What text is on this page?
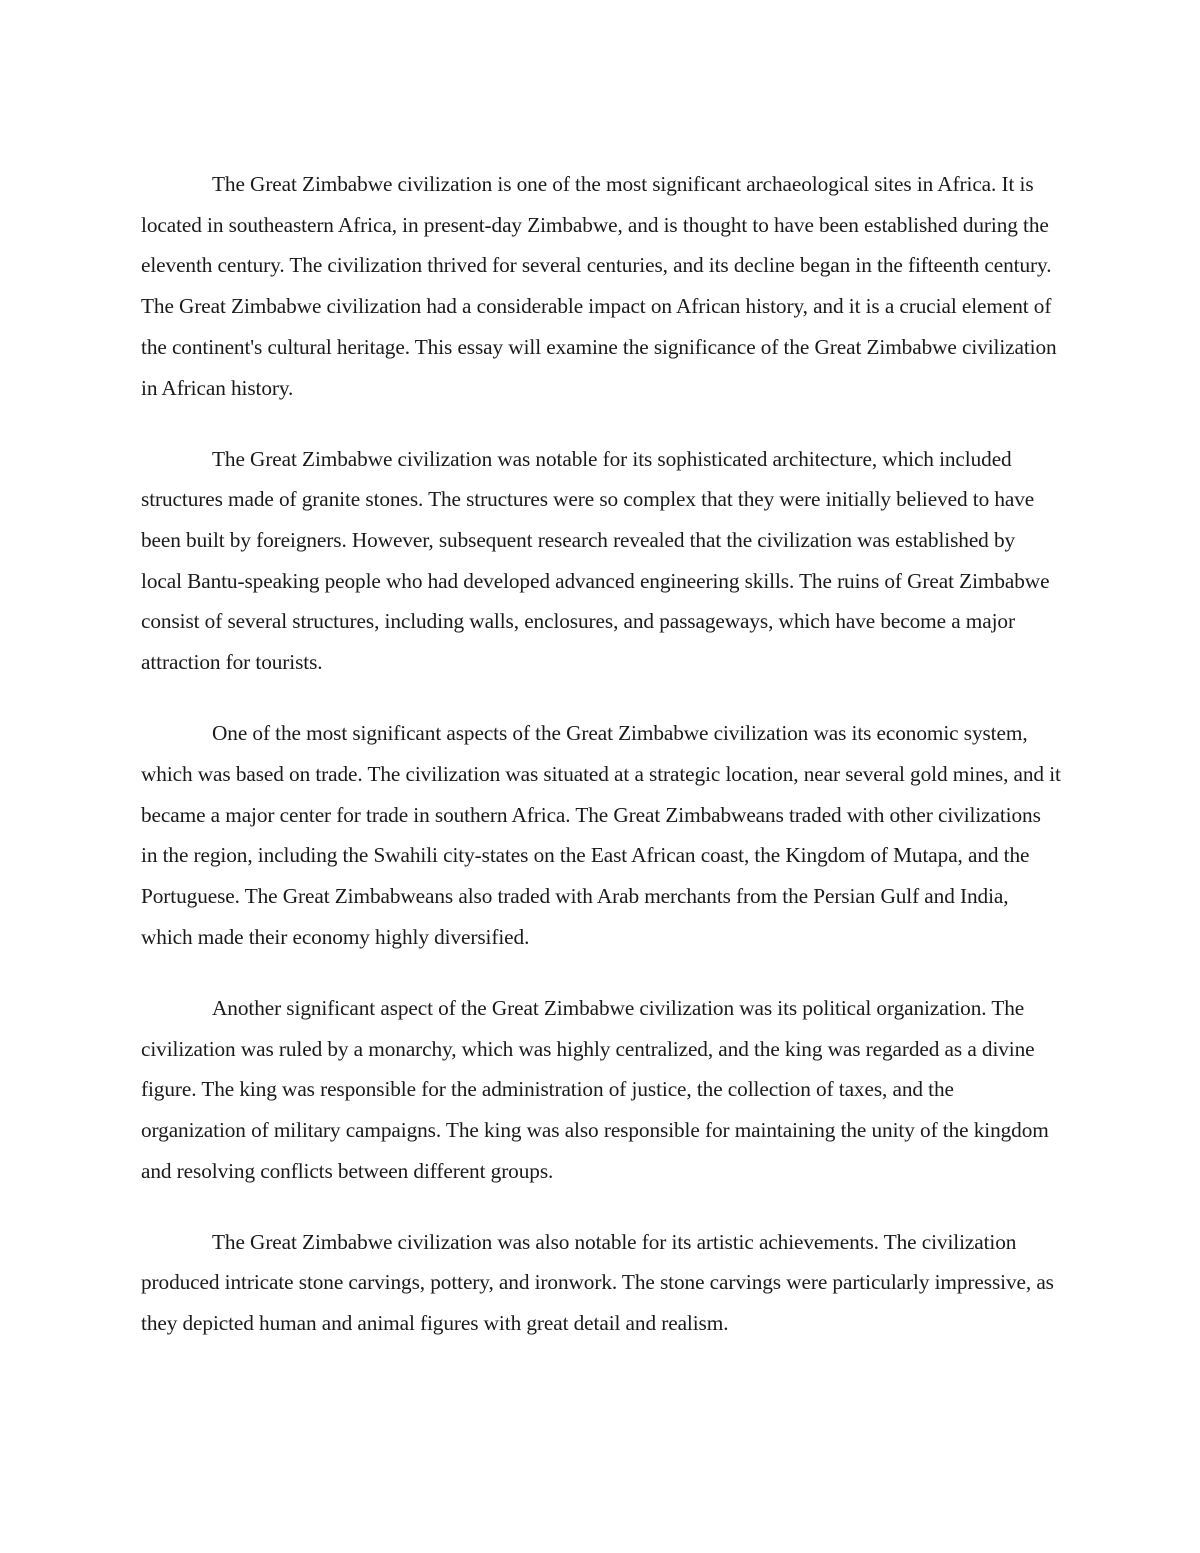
The Great Zimbabwe civilization is one of the most significant archaeological sites in Africa. It is located in southeastern Africa, in present-day Zimbabwe, and is thought to have been established during the eleventh century. The civilization thrived for several centuries, and its decline began in the fifteenth century. The Great Zimbabwe civilization had a considerable impact on African history, and it is a crucial element of the continent's cultural heritage. This essay will examine the significance of the Great Zimbabwe civilization in African history.

The Great Zimbabwe civilization was notable for its sophisticated architecture, which included structures made of granite stones. The structures were so complex that they were initially believed to have been built by foreigners. However, subsequent research revealed that the civilization was established by local Bantu-speaking people who had developed advanced engineering skills. The ruins of Great Zimbabwe consist of several structures, including walls, enclosures, and passageways, which have become a major attraction for tourists.

One of the most significant aspects of the Great Zimbabwe civilization was its economic system, which was based on trade. The civilization was situated at a strategic location, near several gold mines, and it became a major center for trade in southern Africa. The Great Zimbabweans traded with other civilizations in the region, including the Swahili city-states on the East African coast, the Kingdom of Mutapa, and the Portuguese. The Great Zimbabweans also traded with Arab merchants from the Persian Gulf and India, which made their economy highly diversified.

Another significant aspect of the Great Zimbabwe civilization was its political organization. The civilization was ruled by a monarchy, which was highly centralized, and the king was regarded as a divine figure. The king was responsible for the administration of justice, the collection of taxes, and the organization of military campaigns. The king was also responsible for maintaining the unity of the kingdom and resolving conflicts between different groups.

The Great Zimbabwe civilization was also notable for its artistic achievements. The civilization produced intricate stone carvings, pottery, and ironwork. The stone carvings were particularly impressive, as they depicted human and animal figures with great detail and realism.
